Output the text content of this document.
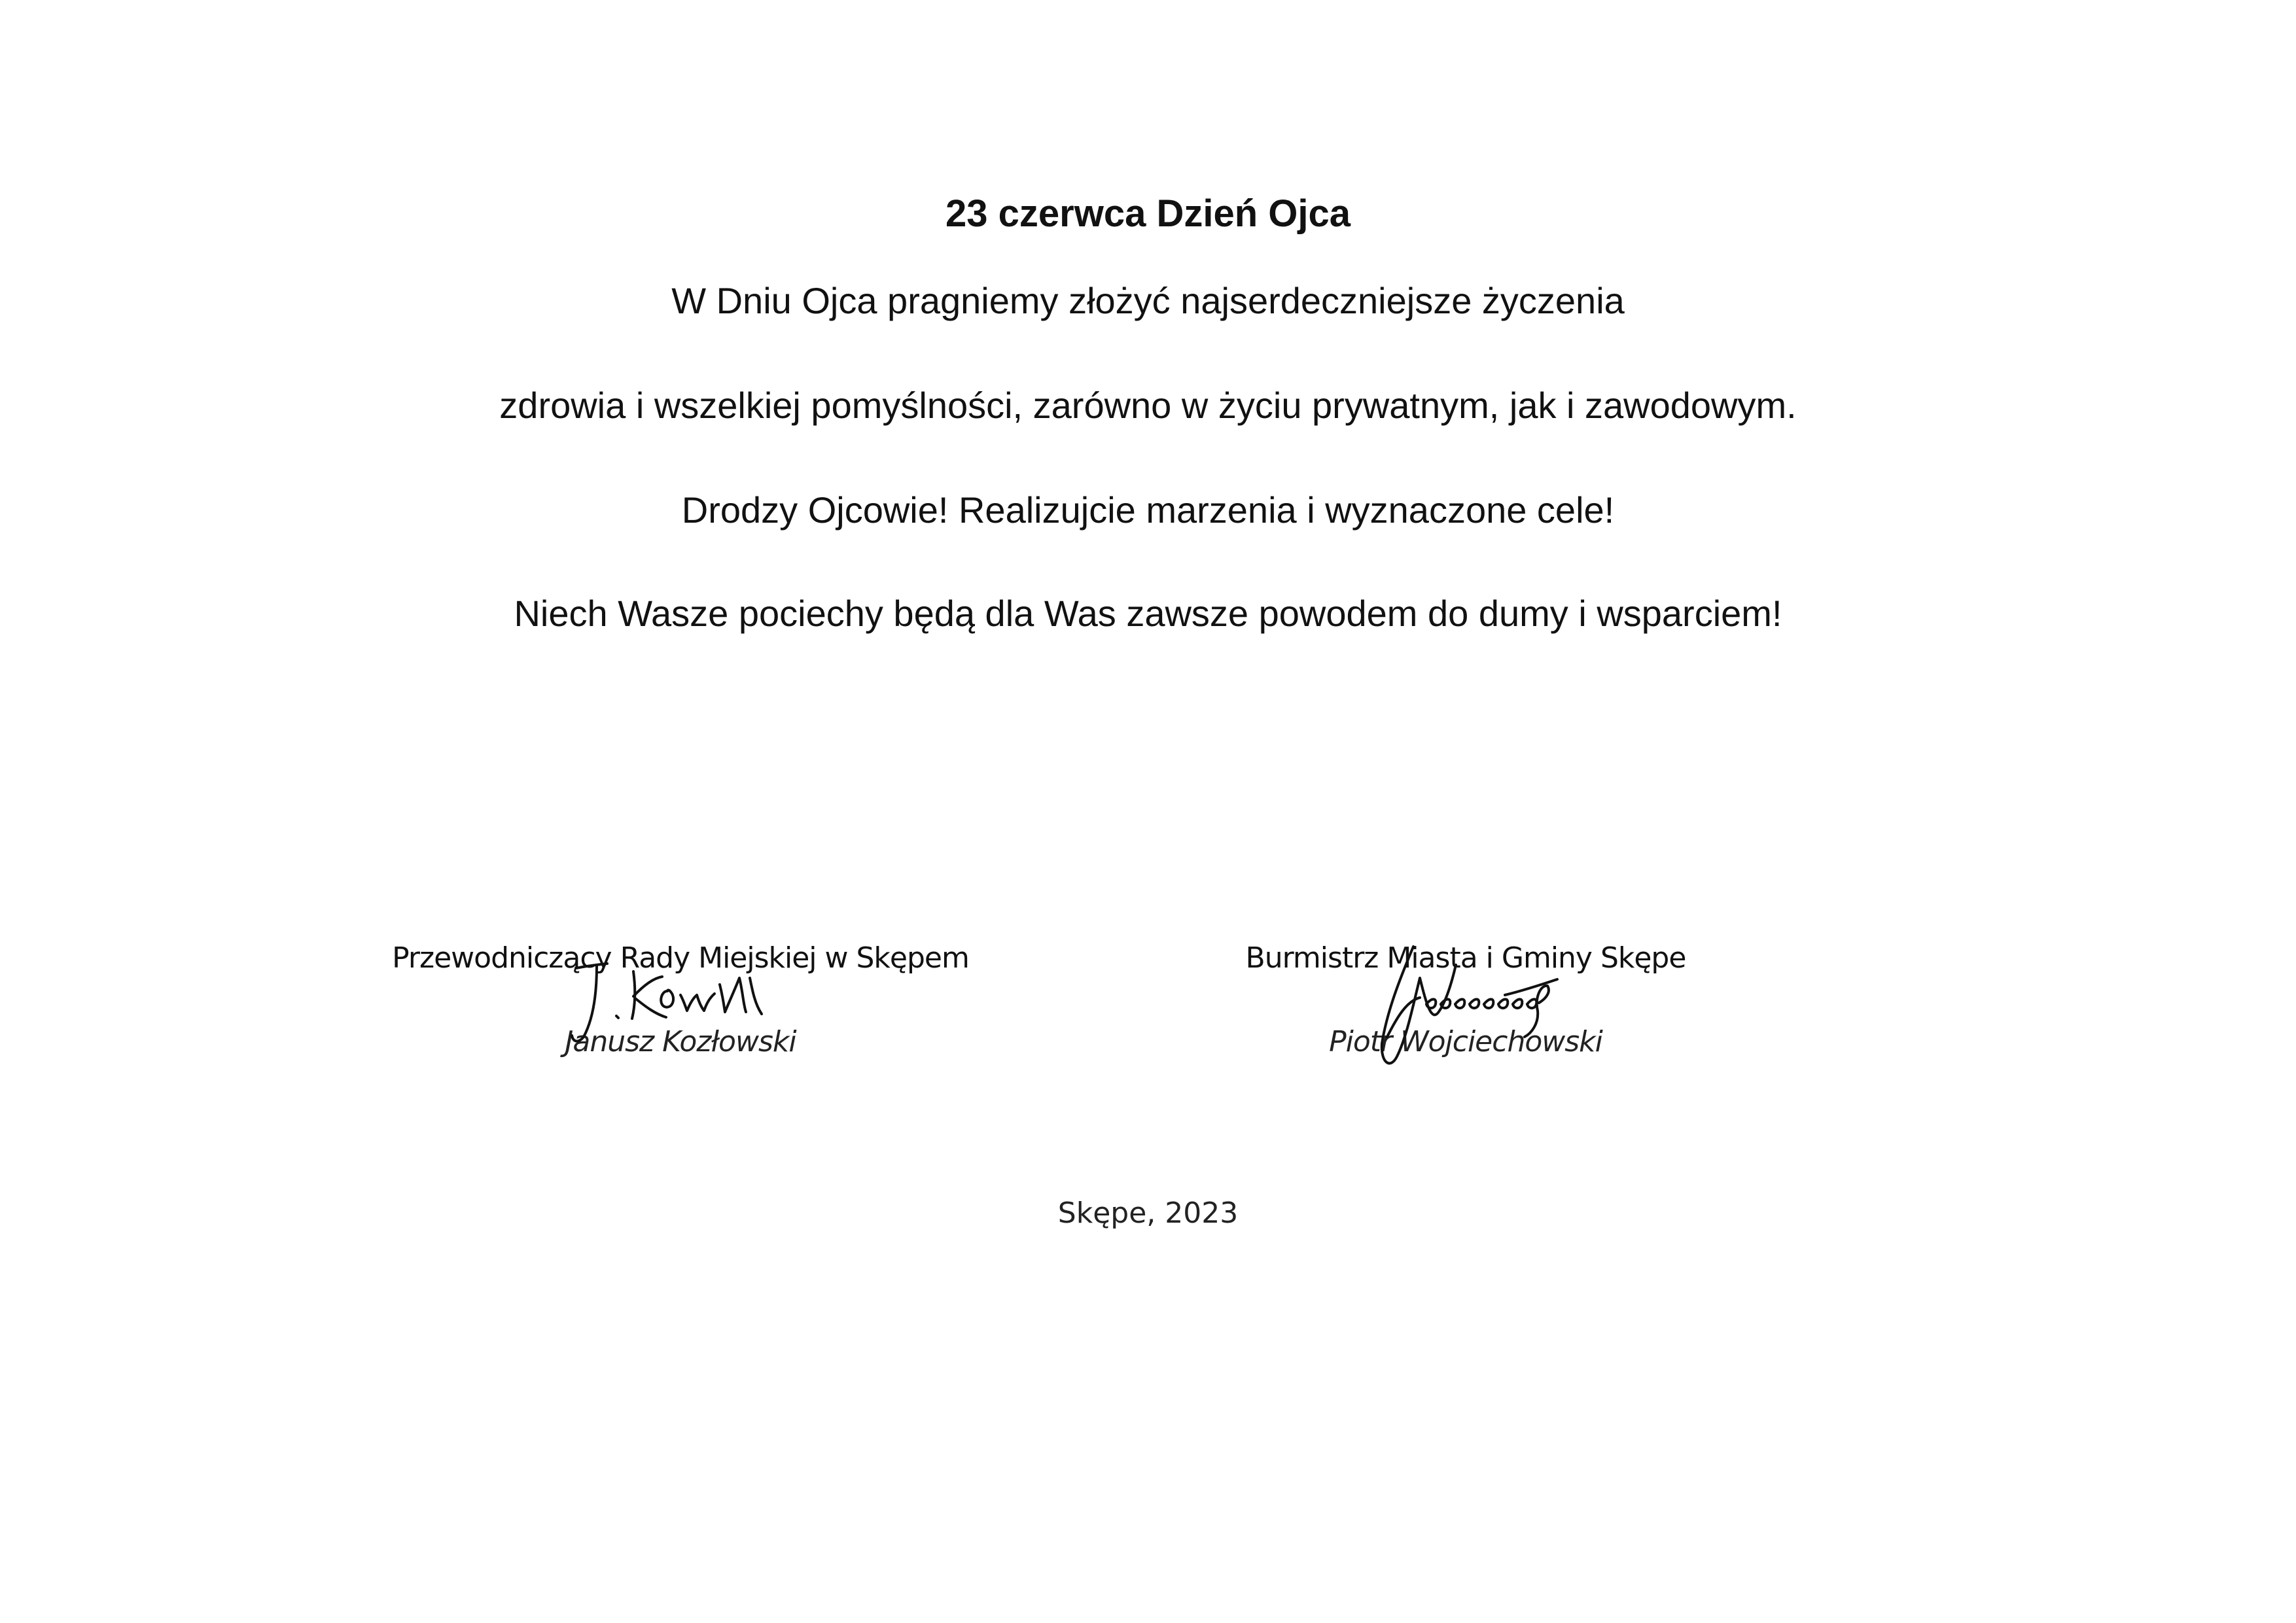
23 czerwca Dzień Ojca

W Dniu Ojca pragniemy złożyć najserdeczniejsze życzenia

zdrowia i wszelkiej pomyślności, zarówno w życiu prywatnym, jak i zawodowym.

Drodzy Ojcowie! Realizujcie marzenia i wyznaczone cele!

Niech Wasze pociechy będą dla Was zawsze powodem do dumy i wsparciem!

Przewodniczący Rady Miejskiej w Skępem
Janusz Kozłowski
Burmistrz Miasta i Gminy Skępe
Piotr Wojciechowski
Skępe, 2023
